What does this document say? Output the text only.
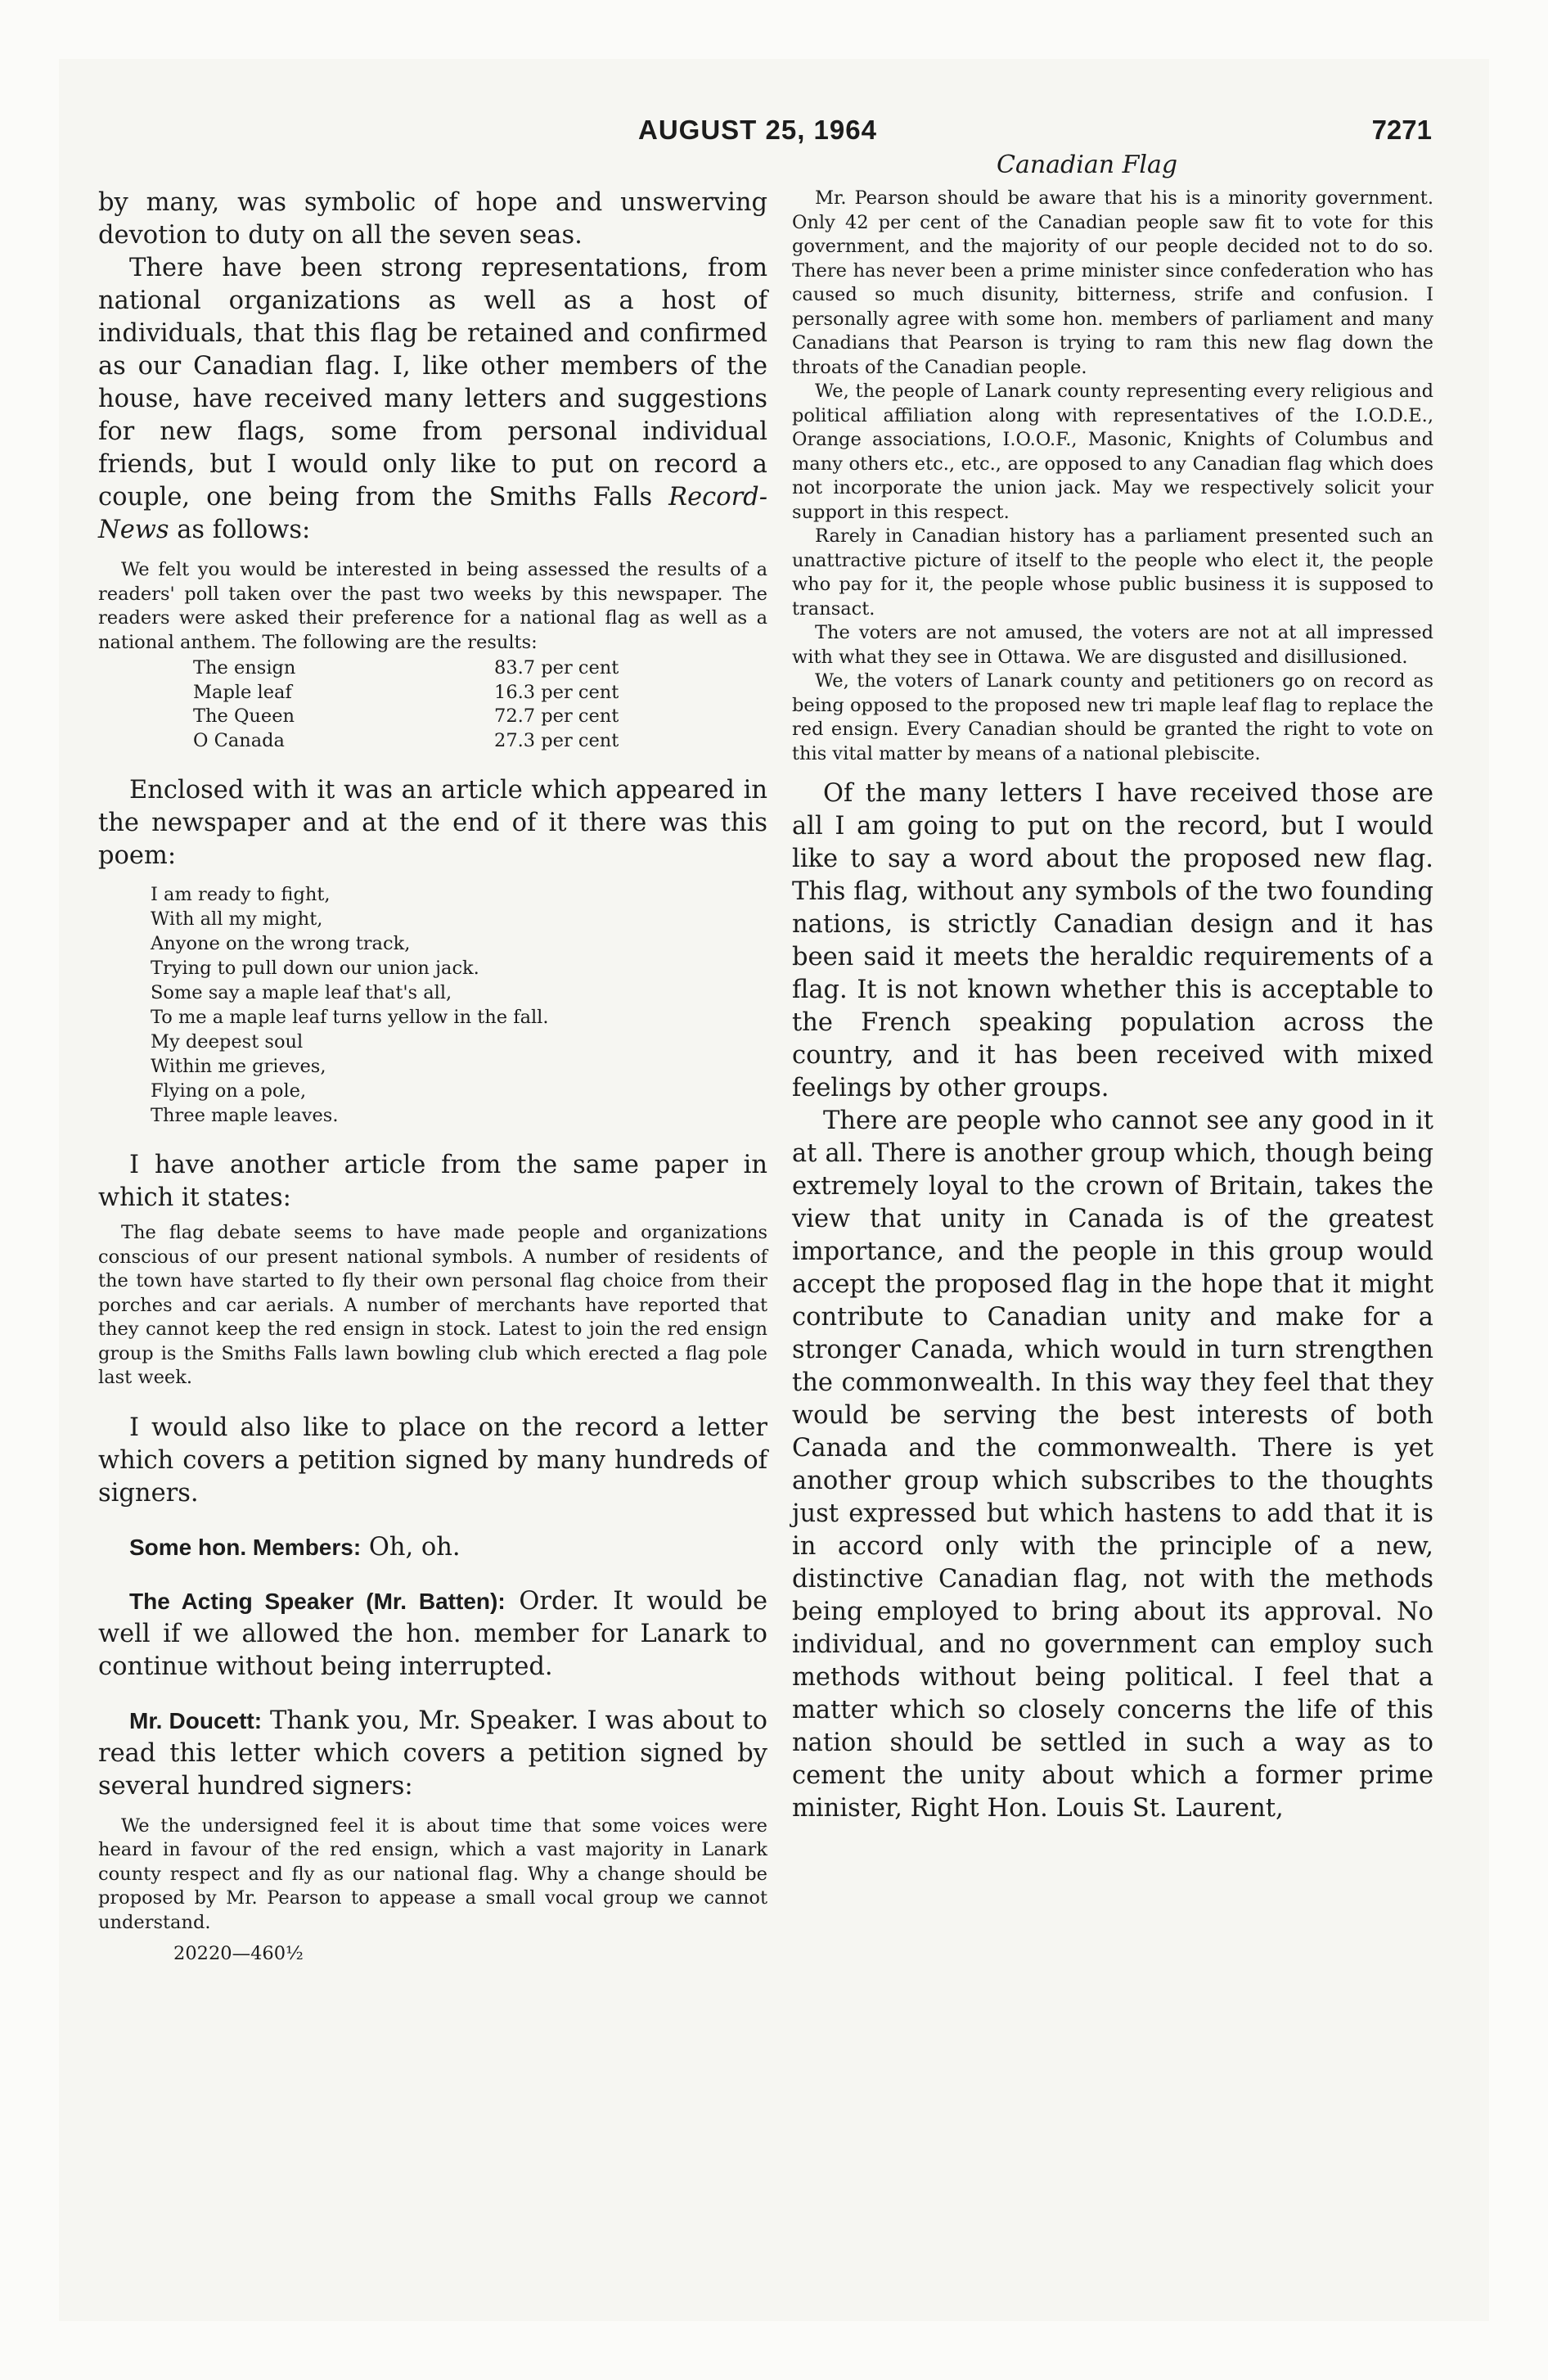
AUGUST 25, 1964	7271
Canadian Flag

by many, was symbolic of hope and unswerving devotion to duty on all the seven seas.

There have been strong representations, from national organizations as well as a host of individuals, that this flag be retained and confirmed as our Canadian flag. I, like other members of the house, have received many letters and suggestions for new flags, some from personal individual friends, but I would only like to put on record a couple, one being from the Smiths Falls Record-News as follows:

We felt you would be interested in being assessed the results of a readers' poll taken over the past two weeks by this newspaper. The readers were asked their preference for a national flag as well as a national anthem. The following are the results:

The ensign	83.7 per cent
Maple leaf	16.3 per cent
The Queen	72.7 per cent
O Canada	27.3 per cent

Enclosed with it was an article which appeared in the newspaper and at the end of it there was this poem:

I am ready to fight,
With all my might,
Anyone on the wrong track,
Trying to pull down our union jack.
Some say a maple leaf that's all,
To me a maple leaf turns yellow in the fall.
My deepest soul
Within me grieves,
Flying on a pole,
Three maple leaves.

I have another article from the same paper in which it states:

The flag debate seems to have made people and organizations conscious of our present national symbols. A number of residents of the town have started to fly their own personal flag choice from their porches and car aerials. A number of merchants have reported that they cannot keep the red ensign in stock. Latest to join the red ensign group is the Smiths Falls lawn bowling club which erected a flag pole last week.

I would also like to place on the record a letter which covers a petition signed by many hundreds of signers.

Some hon. Members: Oh, oh.

The Acting Speaker (Mr. Batten): Order. It would be well if we allowed the hon. member for Lanark to continue without being interrupted.

Mr. Doucett: Thank you, Mr. Speaker. I was about to read this letter which covers a petition signed by several hundred signers:

We the undersigned feel it is about time that some voices were heard in favour of the red ensign, which a vast majority in Lanark county respect and fly as our national flag. Why a change should be proposed by Mr. Pearson to appease a small vocal group we cannot understand.

20220—460½

Mr. Pearson should be aware that his is a minority government. Only 42 per cent of the Canadian people saw fit to vote for this government, and the majority of our people decided not to do so. There has never been a prime minister since confederation who has caused so much disunity, bitterness, strife and confusion. I personally agree with some hon. members of parliament and many Canadians that Pearson is trying to ram this new flag down the throats of the Canadian people.

We, the people of Lanark county representing every religious and political affiliation along with representatives of the I.O.D.E., Orange associations, I.O.O.F., Masonic, Knights of Columbus and many others etc., etc., are opposed to any Canadian flag which does not incorporate the union jack. May we respectively solicit your support in this respect.

Rarely in Canadian history has a parliament presented such an unattractive picture of itself to the people who elect it, the people who pay for it, the people whose public business it is supposed to transact.

The voters are not amused, the voters are not at all impressed with what they see in Ottawa. We are disgusted and disillusioned.

We, the voters of Lanark county and petitioners go on record as being opposed to the proposed new tri maple leaf flag to replace the red ensign. Every Canadian should be granted the right to vote on this vital matter by means of a national plebiscite.

Of the many letters I have received those are all I am going to put on the record, but I would like to say a word about the proposed new flag. This flag, without any symbols of the two founding nations, is strictly Canadian design and it has been said it meets the heraldic requirements of a flag. It is not known whether this is acceptable to the French speaking population across the country, and it has been received with mixed feelings by other groups.

There are people who cannot see any good in it at all. There is another group which, though being extremely loyal to the crown of Britain, takes the view that unity in Canada is of the greatest importance, and the people in this group would accept the proposed flag in the hope that it might contribute to Canadian unity and make for a stronger Canada, which would in turn strengthen the commonwealth. In this way they feel that they would be serving the best interests of both Canada and the commonwealth. There is yet another group which subscribes to the thoughts just expressed but which hastens to add that it is in accord only with the principle of a new, distinctive Canadian flag, not with the methods being employed to bring about its approval. No individual, and no government can employ such methods without being political. I feel that a matter which so closely concerns the life of this nation should be settled in such a way as to cement the unity about which a former prime minister, Right Hon. Louis St. Laurent,
